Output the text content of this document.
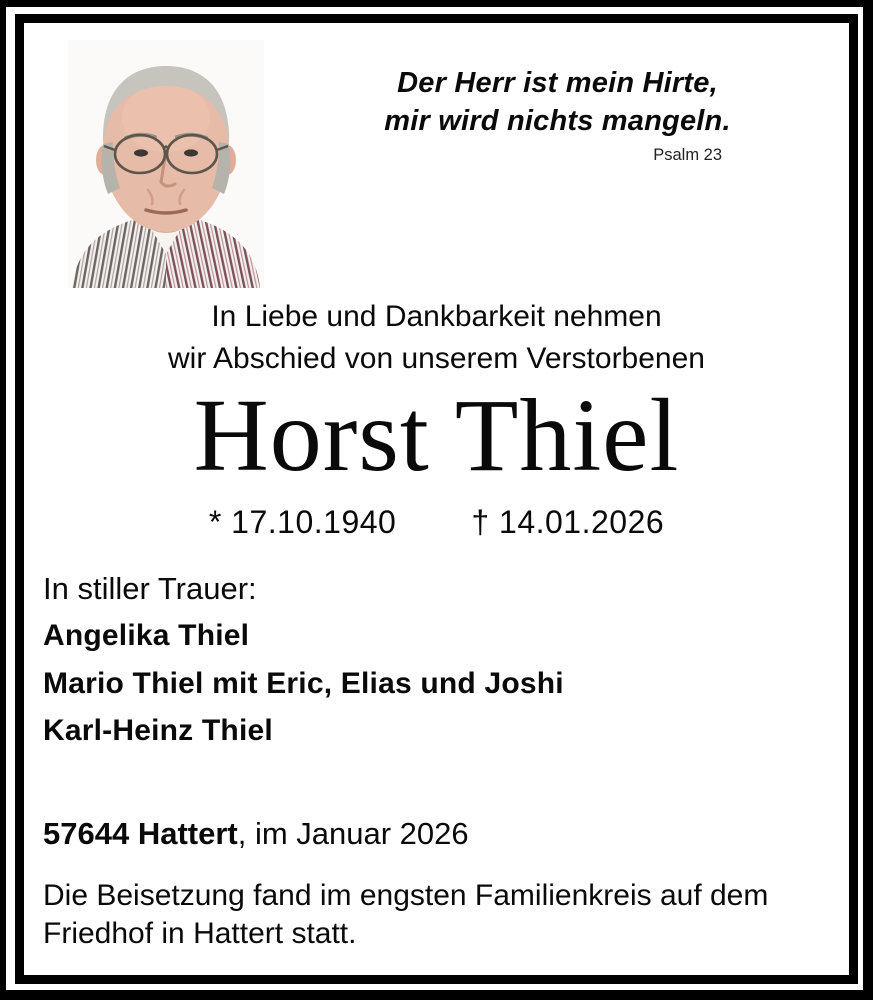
Der Herr ist mein Hirte,
mir wird nichts mangeln.
Psalm 23
In Liebe und Dankbarkeit nehmen
wir Abschied von unserem Verstorbenen
Horst Thiel
* 17.10.1940 † 14.01.2026
In stiller Trauer:
Angelika Thiel
Mario Thiel mit Eric, Elias und Joshi
Karl-Heinz Thiel
57644 Hattert, im Januar 2026
Die Beisetzung fand im engsten Familienkreis auf dem
Friedhof in Hattert statt.
